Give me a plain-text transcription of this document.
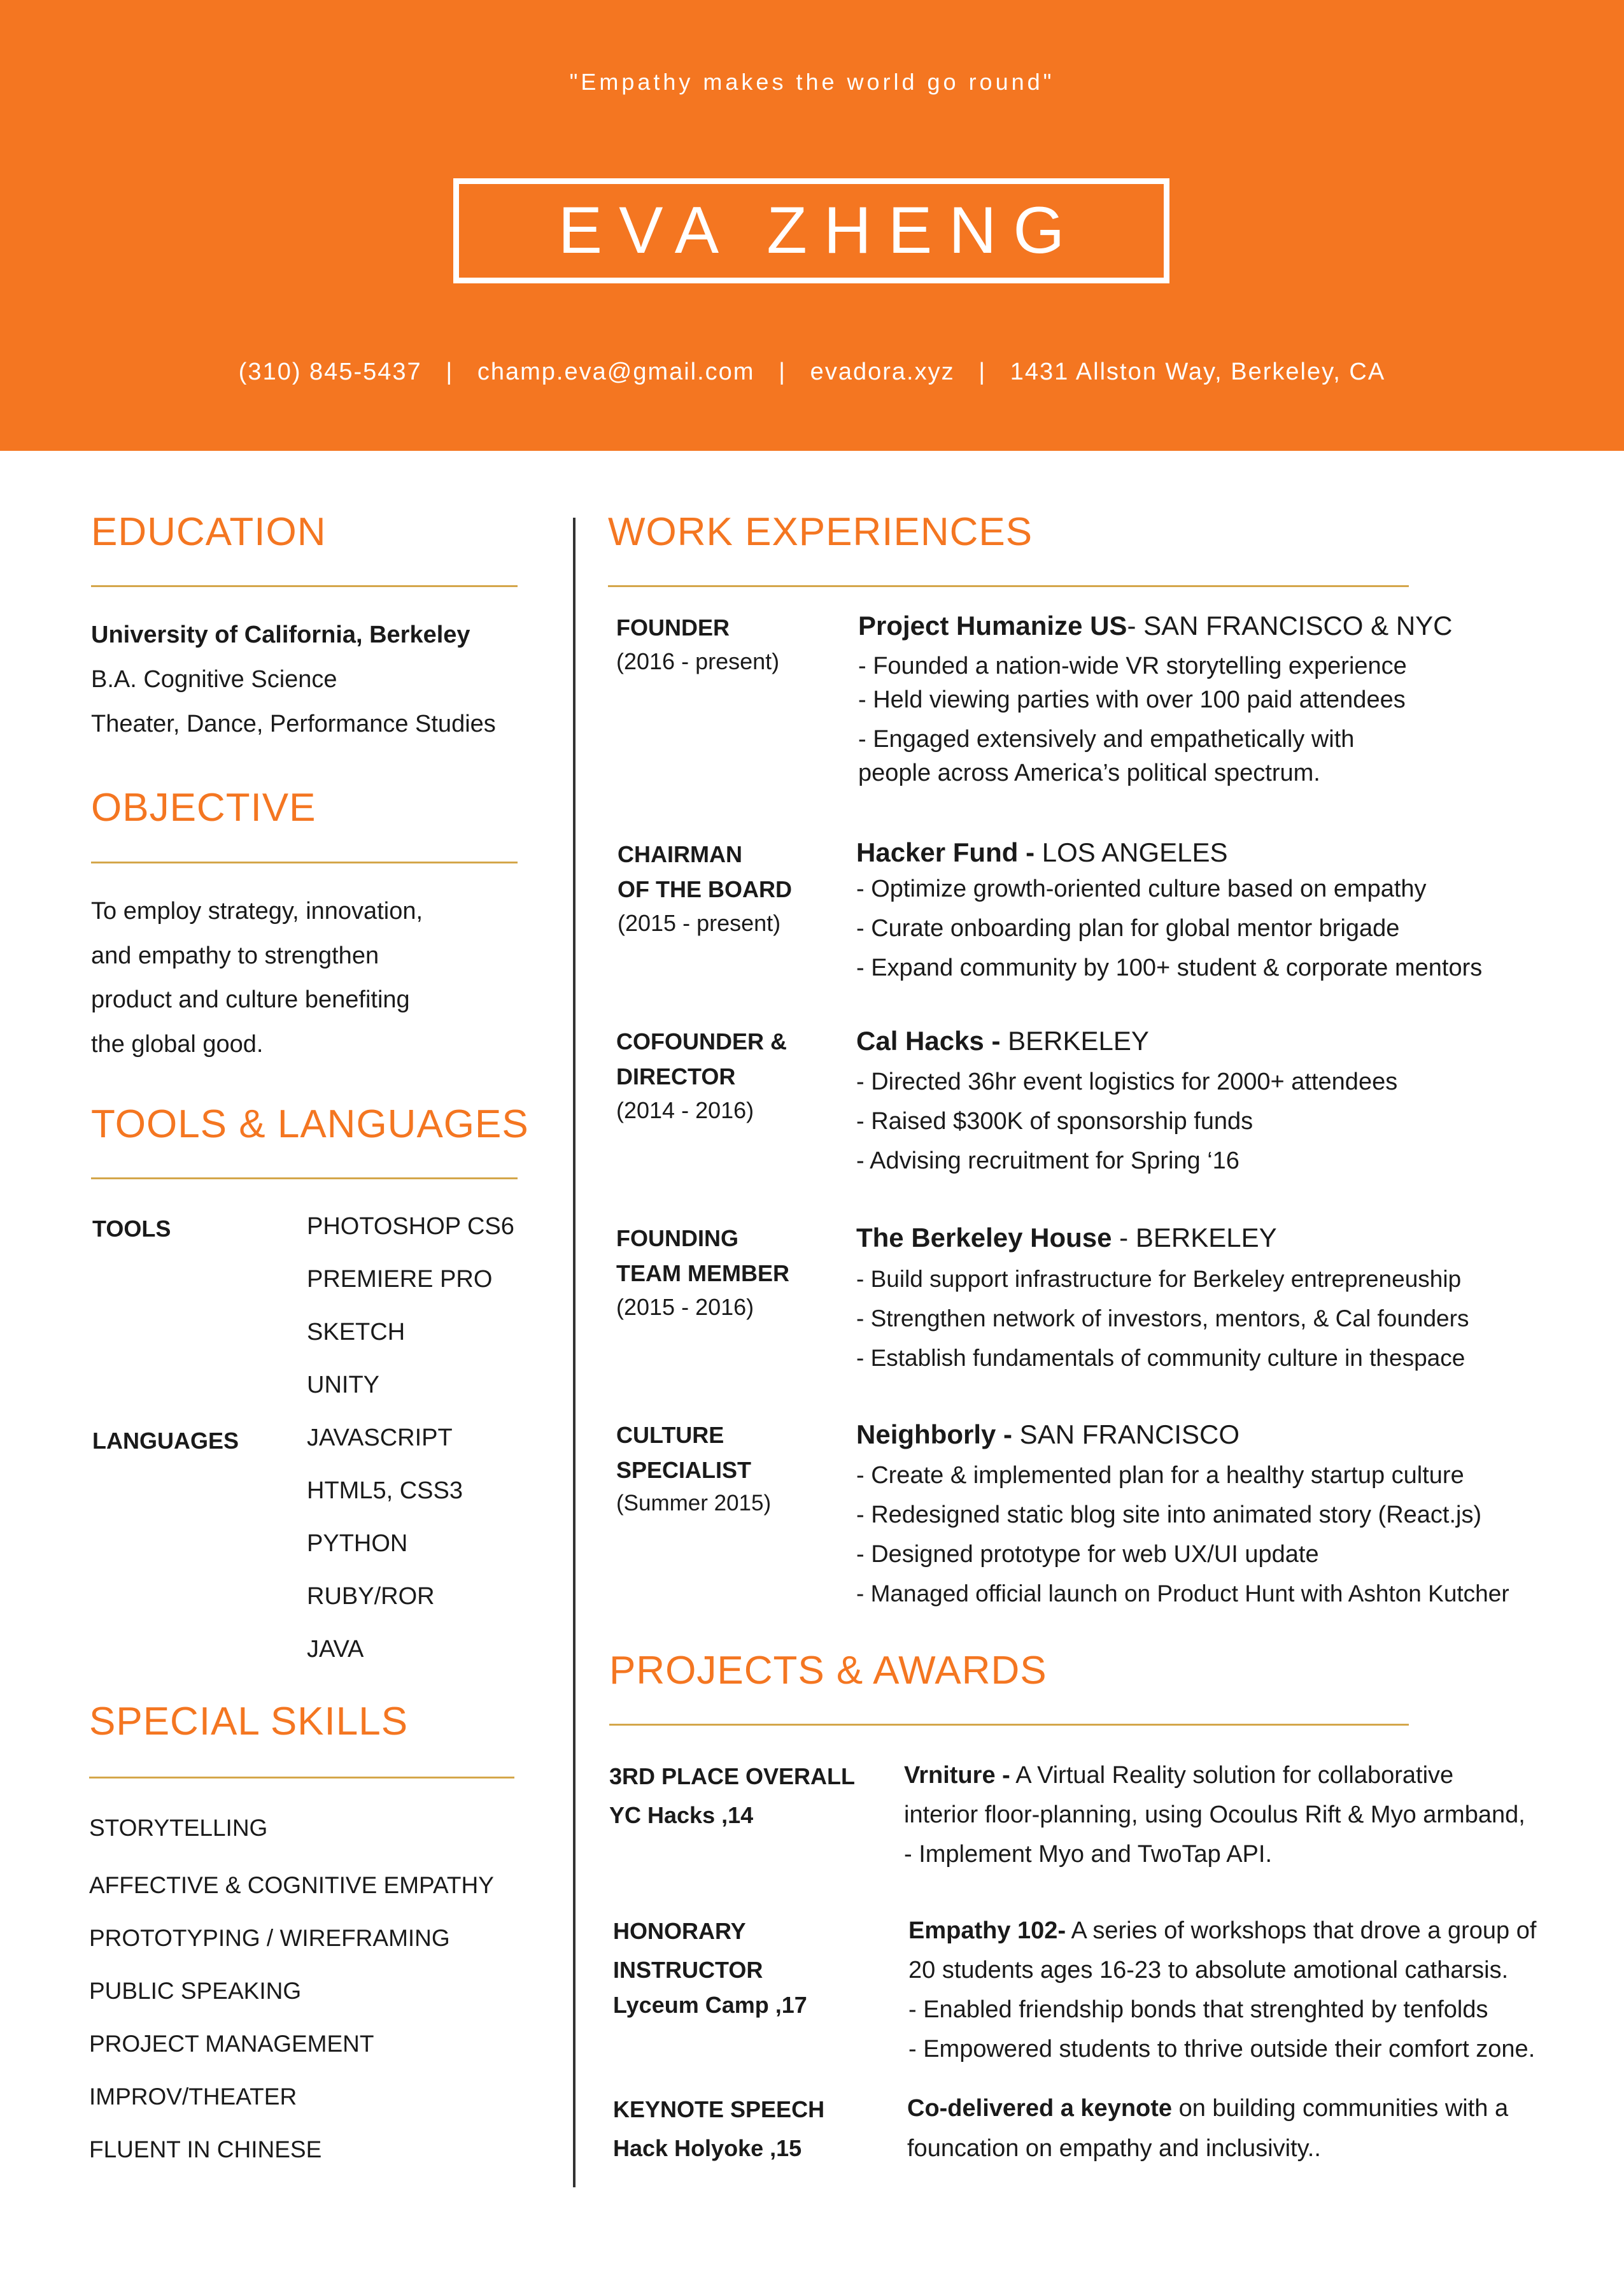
"Empathy makes the world go round"
EVA ZHENG
(310) 845-5437   |   champ.eva@gmail.com   |   evadora.xyz   |   1431 Allston Way, Berkeley, CA
EDUCATION
University of California, Berkeley
B.A. Cognitive Science
Theater, Dance, Performance Studies
OBJECTIVE
To employ strategy, innovation,
and empathy to strengthen
product and culture benefiting
the global good.
TOOLS & LANGUAGES
TOOLS	PHOTOSHOP CS6
PREMIERE PRO
SKETCH
UNITY
LANGUAGES	JAVASCRIPT
HTML5, CSS3
PYTHON
RUBY/ROR
JAVA
SPECIAL SKILLS
STORYTELLING
AFFECTIVE & COGNITIVE EMPATHY
PROTOTYPING / WIREFRAMING
PUBLIC SPEAKING
PROJECT MANAGEMENT
IMPROV/THEATER
FLUENT IN CHINESE
WORK EXPERIENCES
FOUNDER
(2016 - present)
Project Humanize US- SAN FRANCISCO & NYC
- Founded a nation-wide VR storytelling experience
- Held viewing parties with over 100 paid attendees
- Engaged extensively and empathetically with
people across America’s political spectrum.
CHAIRMAN
OF THE BOARD
(2015 - present)
Hacker Fund - LOS ANGELES
- Optimize growth-oriented culture based on empathy
- Curate onboarding plan for global mentor brigade
- Expand community by 100+ student & corporate mentors
COFOUNDER &
DIRECTOR
(2014 - 2016)
Cal Hacks - BERKELEY
- Directed 36hr event logistics for 2000+ attendees
- Raised $300K of sponsorship funds
- Advising recruitment for Spring ‘16
FOUNDING
TEAM MEMBER
(2015 - 2016)
The Berkeley House - BERKELEY
- Build support infrastructure for Berkeley entrepreneuship
- Strengthen network of investors, mentors, & Cal founders
- Establish fundamentals of community culture in thespace
CULTURE
SPECIALIST
(Summer 2015)
Neighborly - SAN FRANCISCO
- Create & implemented plan for a healthy startup culture
- Redesigned static blog site into animated story (React.js)
- Designed prototype for web UX/UI update
- Managed official launch on Product Hunt with Ashton Kutcher
PROJECTS & AWARDS
3RD PLACE OVERALL
YC Hacks ,14
Vrniture - A Virtual Reality solution for collaborative
interior floor-planning, using Ocoulus Rift & Myo armband,
- Implement Myo and TwoTap API.
HONORARY
INSTRUCTOR
Lyceum Camp ,17
Empathy 102- A series of workshops that drove a group of
20 students ages 16-23 to absolute amotional catharsis.
- Enabled friendship bonds that strenghted by tenfolds
- Empowered students to thrive outside their comfort zone.
KEYNOTE SPEECH
Hack Holyoke ,15
Co-delivered a keynote on building communities with a
founcation on empathy and inclusivity..
